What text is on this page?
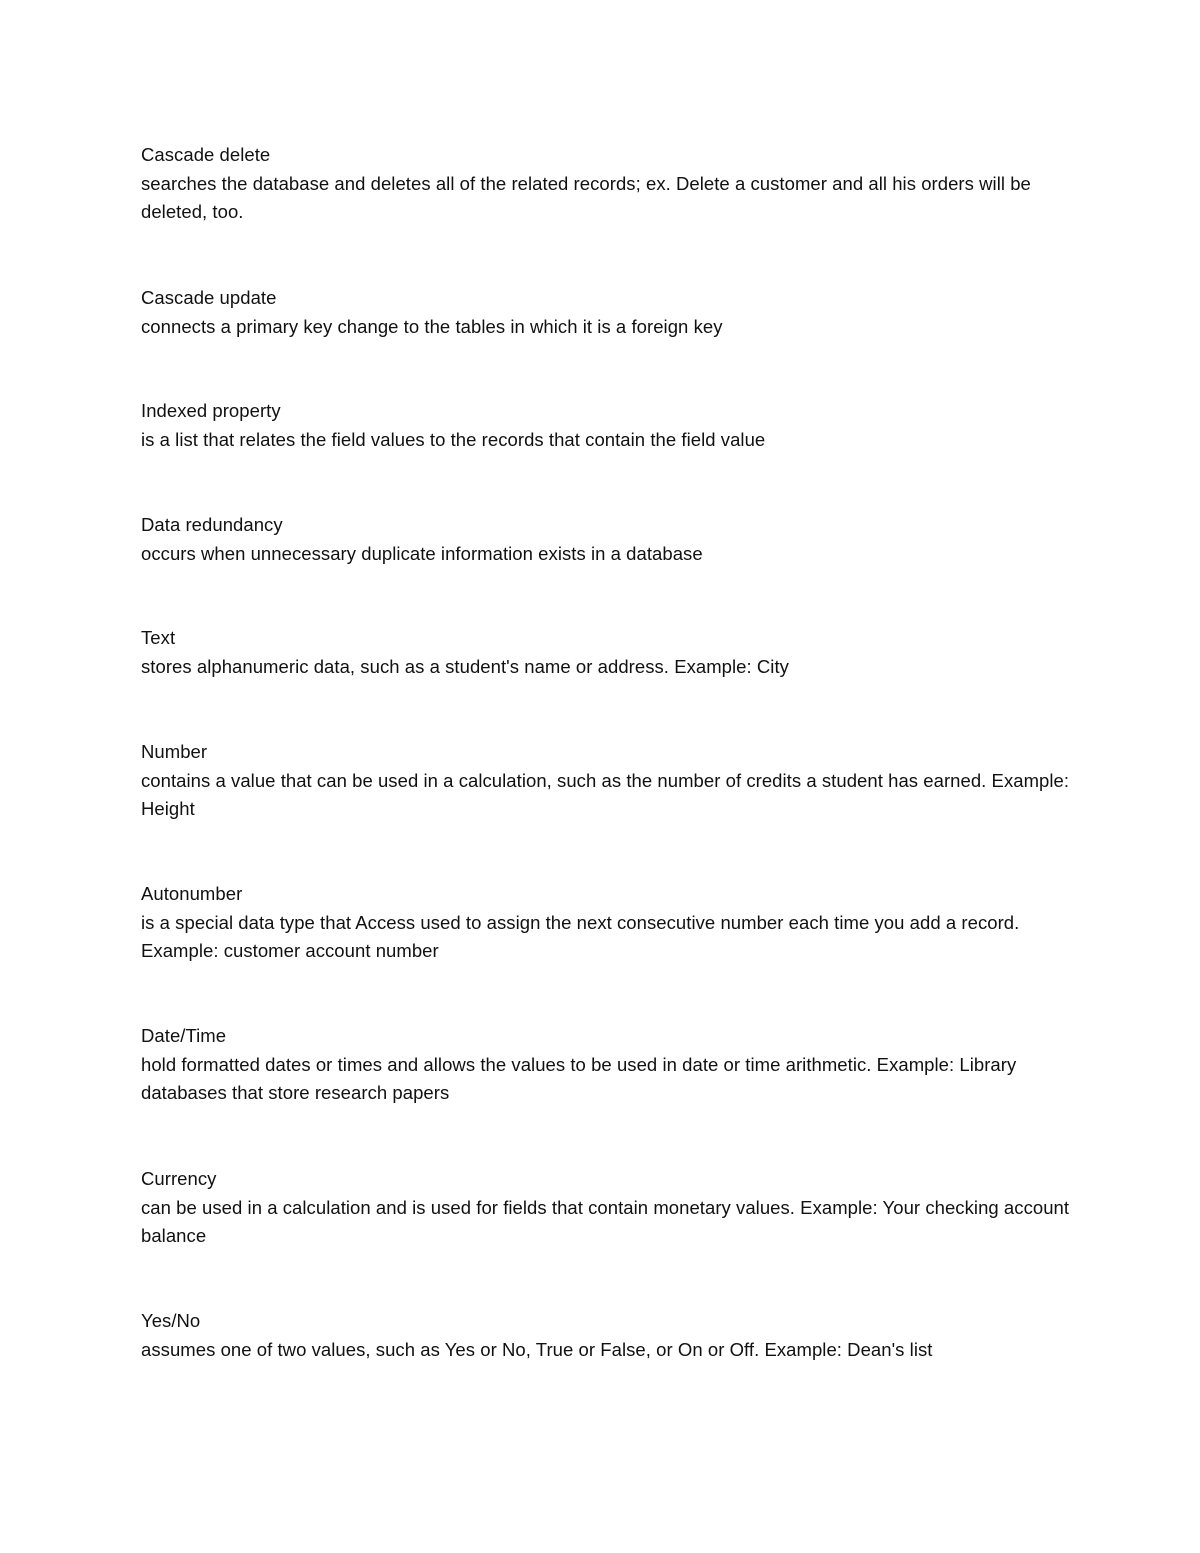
Cascade delete
searches the database and deletes all of the related records; ex. Delete a customer and all his orders will be deleted, too.
Cascade update
connects a primary key change to the tables in which it is a foreign key
Indexed property
is a list that relates the field values to the records that contain the field value
Data redundancy
occurs when unnecessary duplicate information exists in a database
Text
stores alphanumeric data, such as a student's name or address. Example: City
Number
contains a value that can be used in a calculation, such as the number of credits a student has earned. Example: Height
Autonumber
is a special data type that Access used to assign the next consecutive number each time you add a record. Example: customer account number
Date/Time
hold formatted dates or times and allows the values to be used in date or time arithmetic. Example: Library databases that store research papers
Currency
can be used in a calculation and is used for fields that contain monetary values. Example: Your checking account balance
Yes/No
assumes one of two values, such as Yes or No, True or False, or On or Off. Example: Dean's list
